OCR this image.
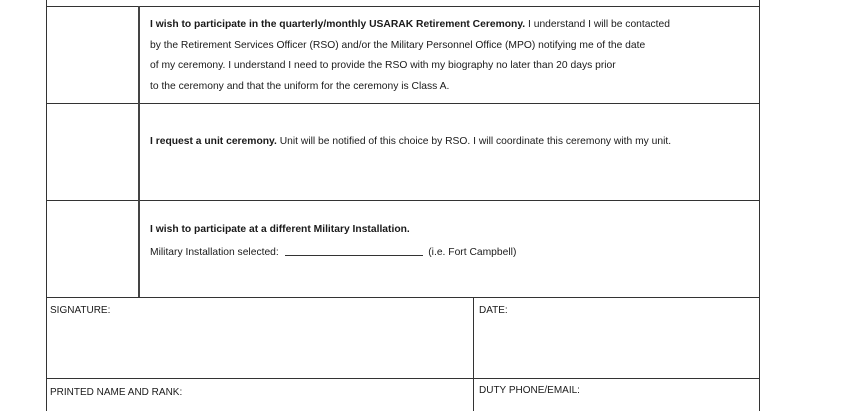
I wish to participate in the quarterly/monthly USARAK Retirement Ceremony. I understand I will be contacted
by the Retirement Services Officer (RSO) and/or the Military Personnel Office (MPO) notifying me of the date
of my ceremony. I understand I need to provide the RSO with my biography no later than 20 days prior
to the ceremony and that the uniform for the ceremony is Class A.
I request a unit ceremony. Unit will be notified of this choice by RSO. I will coordinate this ceremony with my unit.
I wish to participate at a different Military Installation.
Military Installation selected:	(i.e. Fort Campbell)
SIGNATURE:	DATE:
PRINTED NAME AND RANK:	DUTY PHONE/EMAIL:
